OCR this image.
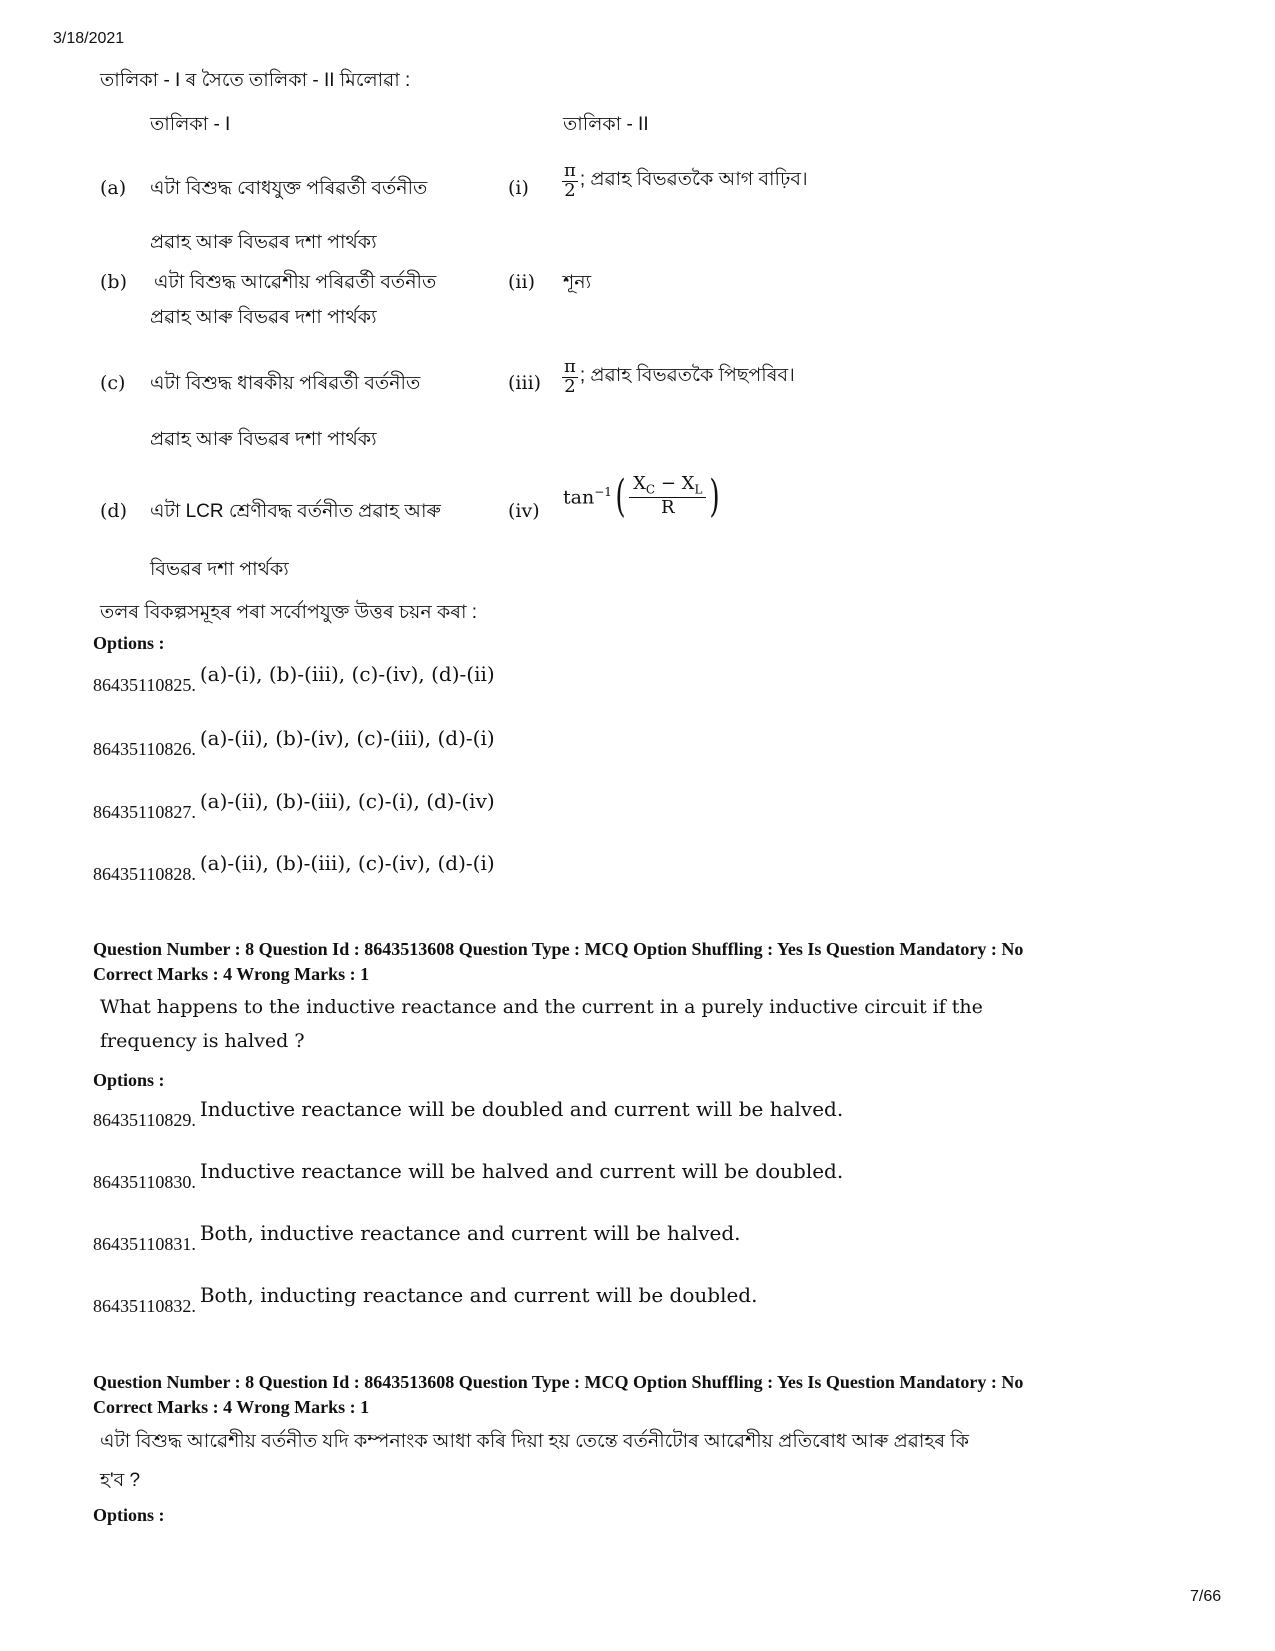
3/18/2021
7/66
তালিকা - I ৰ সৈতে তালিকা - II মিলোৱা :
তালিকা - I	তালিকা - II
(a) এটা বিশুদ্ধ বোধযুক্ত পৰিৱৰ্তী বৰ্তনীত
প্ৰৱাহ আৰু বিভৱৰ দশা পাৰ্থক্য
$(i) \frac{\pi}{2}$ ; প্ৰৱাহ বিভৱতকৈ আগ বাঢ়িব।
(b) এটা বিশুদ্ধ আৱেশীয় পৰিৱৰ্তী বৰ্তনীত
প্ৰৱাহ আৰু বিভৱৰ দশা পাৰ্থক্য
(ii) শূন্য
(c) এটা বিশুদ্ধ ধাৰকীয় পৰিৱৰ্তী বৰ্তনীত
প্ৰৱাহ আৰু বিভৱৰ দশা পাৰ্থক্য
$(iii) \frac{\pi}{2}$ ; প্ৰৱাহ বিভৱতকৈ পিছপৰিব।
(d) এটা LCR শ্ৰেণীবদ্ধ বৰ্তনীত প্ৰৱাহ আৰু
বিভৱৰ দশা পাৰ্থক্য
(iv)
$\tan^{-1}$ ( $\frac{X_C - X_L}{R}$ )
তলৰ বিকল্পসমূহৰ পৰা সৰ্বোপযুক্ত উত্তৰ চয়ন কৰা :
Options :
86435110825. (a)-(i), (b)-(iii), (c)-(iv), (d)-(ii)
86435110826. (a)-(ii), (b)-(iv), (c)-(iii), (d)-(i)
86435110827. (a)-(ii), (b)-(iii), (c)-(i), (d)-(iv)
86435110828. (a)-(ii), (b)-(iii), (c)-(iv), (d)-(i)
Question Number : 8 Question Id : 8643513608 Question Type : MCQ Option Shuffling : Yes Is Question Mandatory : No
Correct Marks : 4 Wrong Marks : 1
What happens to the inductive reactance and the current in a purely inductive circuit if the
frequency is halved ?
Options :
86435110829. Inductive reactance will be doubled and current will be halved.
86435110830. Inductive reactance will be halved and current will be doubled.
86435110831. Both, inductive reactance and current will be halved.
86435110832. Both, inducting reactance and current will be doubled.
Question Number : 8 Question Id : 8643513608 Question Type : MCQ Option Shuffling : Yes Is Question Mandatory : No
Correct Marks : 4 Wrong Marks : 1
এটা বিশুদ্ধ আৱেশীয় বৰ্তনীত যদি কম্পনাংক আধা কৰি দিয়া হয় তেন্তে বৰ্তনীটোৰ আৱেশীয় প্ৰতিৰোধ আৰু প্ৰৱাহৰ কি
হ'ব ?
Options :
